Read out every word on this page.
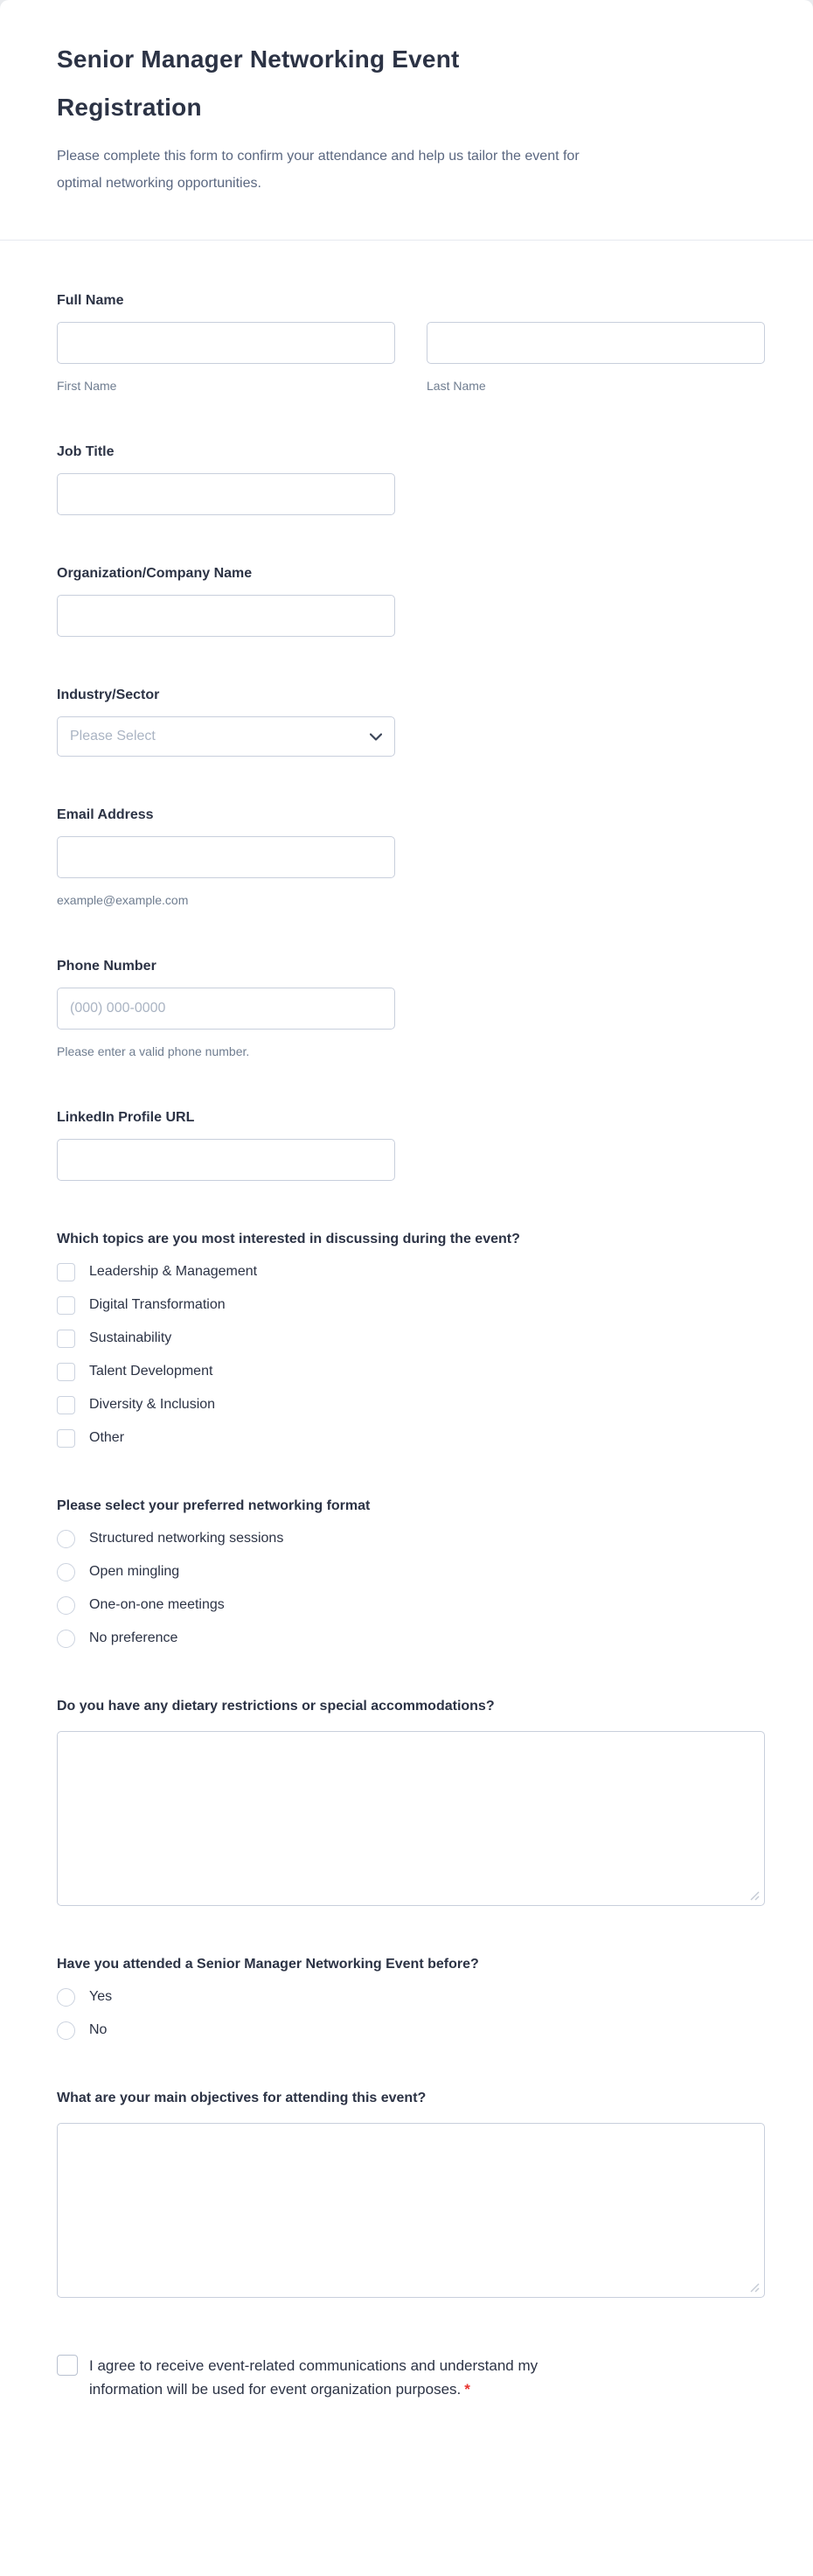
Senior Manager Networking Event
Registration
Please complete this form to confirm your attendance and help us tailor the event for
optimal networking opportunities.
Full Name
First Name	Last Name
Job Title
Organization/Company Name
Industry/Sector
Please Select
Email Address
example@example.com
Phone Number
(000) 000-0000
Please enter a valid phone number.
LinkedIn Profile URL
Which topics are you most interested in discussing during the event?
Leadership & Management
Digital Transformation
Sustainability
Talent Development
Diversity & Inclusion
Other
Please select your preferred networking format
Structured networking sessions
Open mingling
One-on-one meetings
No preference
Do you have any dietary restrictions or special accommodations?
Have you attended a Senior Manager Networking Event before?
Yes
No
What are your main objectives for attending this event?
I agree to receive event-related communications and understand my
information will be used for event organization purposes. *
